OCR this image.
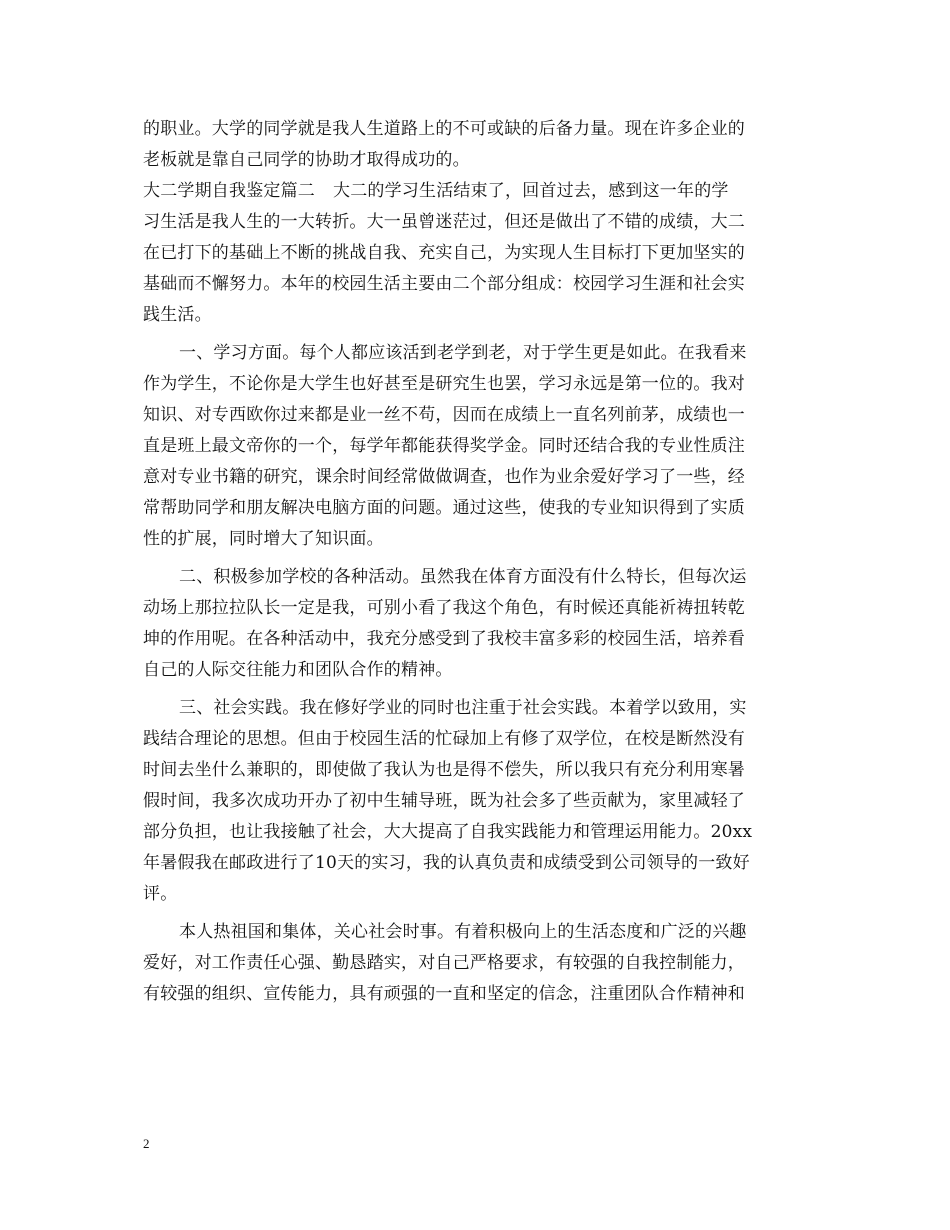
的职业。大学的同学就是我人生道路上的不可或缺的后备力量。现在许多企业的
老板就是靠自己同学的协助才取得成功的。
大二学期自我鉴定篇二 大二的学习生活结束了，回首过去，感到这一年的学
习生活是我人生的一大转折。大一虽曾迷茫过，但还是做出了不错的成绩，大二
在已打下的基础上不断的挑战自我、充实自己，为实现人生目标打下更加坚实的
基础而不懈努力。本年的校园生活主要由二个部分组成：校园学习生涯和社会实
践生活。
一、学习方面。每个人都应该活到老学到老，对于学生更是如此。在我看来
作为学生，不论你是大学生也好甚至是研究生也罢，学习永远是第一位的。我对
知识、对专西欧你过来都是业一丝不苟，因而在成绩上一直名列前茅，成绩也一
直是班上最文帝你的一个，每学年都能获得奖学金。同时还结合我的专业性质注
意对专业书籍的研究，课余时间经常做做调查，也作为业余爱好学习了一些，经
常帮助同学和朋友解决电脑方面的问题。通过这些，使我的专业知识得到了实质
性的扩展，同时增大了知识面。
二、积极参加学校的各种活动。虽然我在体育方面没有什么特长，但每次运
动场上那拉拉队长一定是我，可别小看了我这个角色，有时候还真能祈祷扭转乾
坤的作用呢。在各种活动中，我充分感受到了我校丰富多彩的校园生活，培养看
自己的人际交往能力和团队合作的精神。
三、社会实践。我在修好学业的同时也注重于社会实践。本着学以致用，实
践结合理论的思想。但由于校园生活的忙碌加上有修了双学位，在校是断然没有
时间去坐什么兼职的，即使做了我认为也是得不偿失，所以我只有充分利用寒暑
假时间，我多次成功开办了初中生辅导班，既为社会多了些贡献为，家里减轻了
部分负担，也让我接触了社会，大大提高了自我实践能力和管理运用能力。20xx
年暑假我在邮政进行了10天的实习，我的认真负责和成绩受到公司领导的一致好
评。
本人热祖国和集体，关心社会时事。有着积极向上的生活态度和广泛的兴趣
爱好，对工作责任心强、勤恳踏实，对自己严格要求，有较强的自我控制能力，
有较强的组织、宣传能力，具有顽强的一直和坚定的信念，注重团队合作精神和
2
